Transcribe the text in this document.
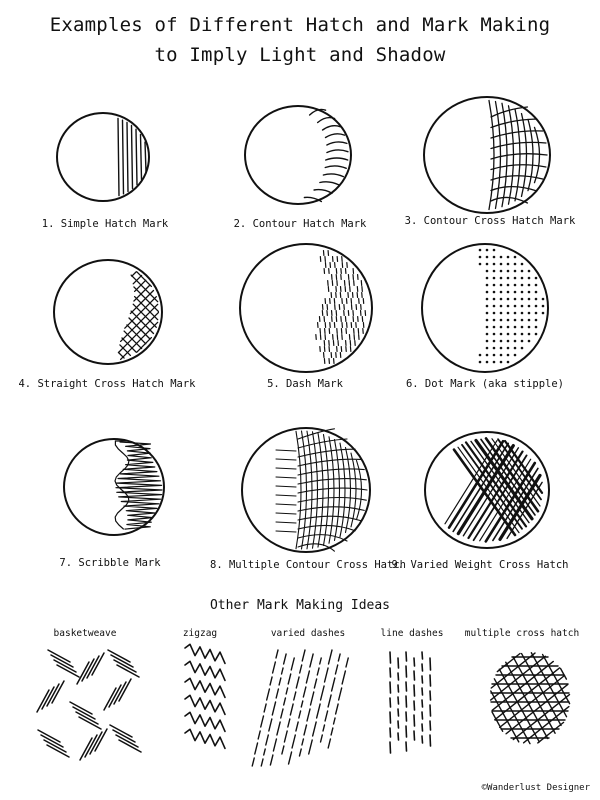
Examples of Different Hatch and Mark Making
to Imply Light and Shadow
1. Simple Hatch Mark	2. Contour Hatch Mark	3. Contour Cross Hatch Mark
4. Straight Cross Hatch Mark	5. Dash Mark	6. Dot Mark (aka stipple)
7. Scribble Mark	8. Multiple Contour Cross Hatch
9. Varied Weight Cross Hatch
Other Mark Making Ideas
basketweave	zigzag	varied dashes	line dashes	multiple cross hatch
©Wanderlust Designer
